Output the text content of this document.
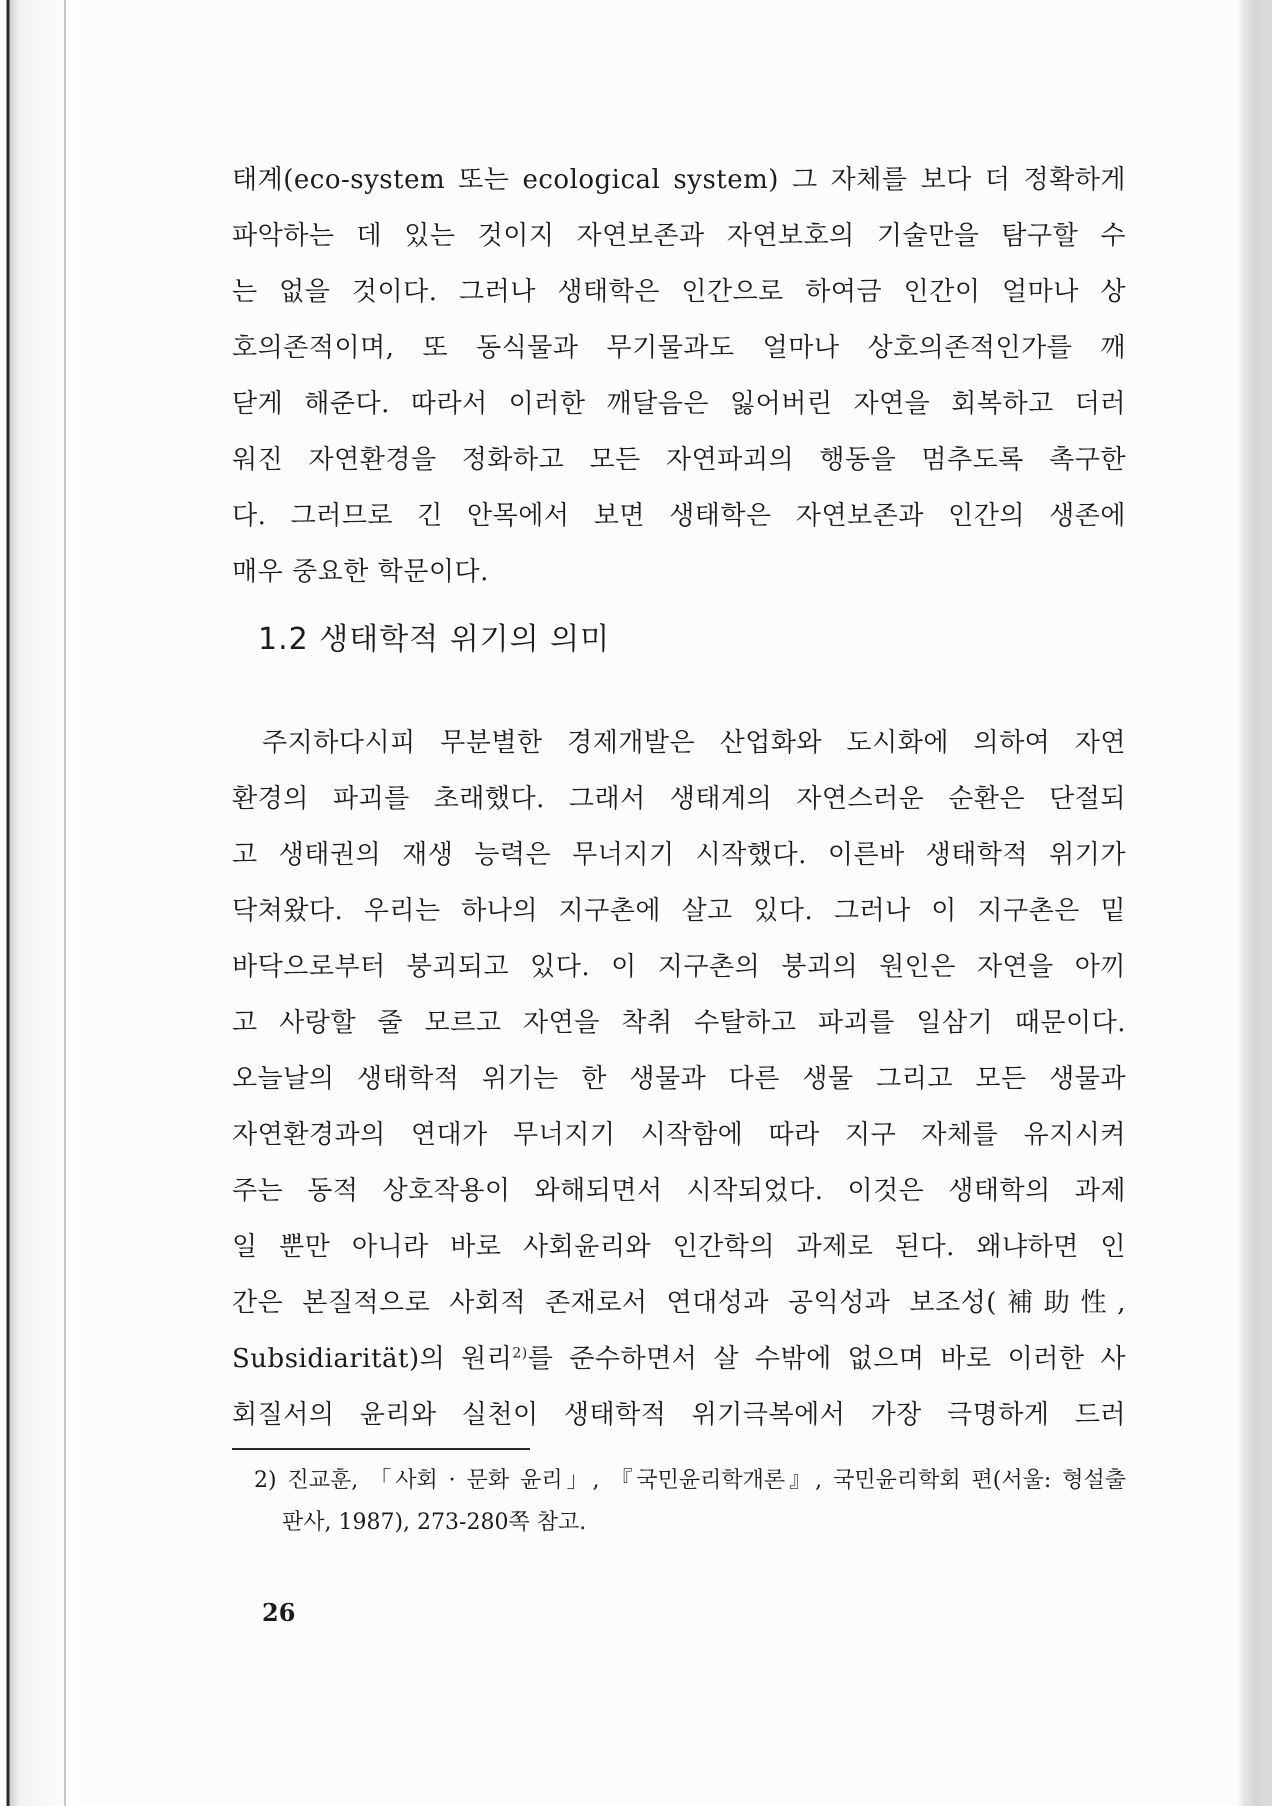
태계(eco-system 또는 ecological system) 그 자체를 보다 더 정확하게
파악하는 데 있는 것이지 자연보존과 자연보호의 기술만을 탐구할 수
는 없을 것이다. 그러나 생태학은 인간으로 하여금 인간이 얼마나 상
호의존적이며, 또 동식물과 무기물과도 얼마나 상호의존적인가를 깨
닫게 해준다. 따라서 이러한 깨달음은 잃어버린 자연을 회복하고 더러
워진 자연환경을 정화하고 모든 자연파괴의 행동을 멈추도록 촉구한
다. 그러므로 긴 안목에서 보면 생태학은 자연보존과 인간의 생존에
매우 중요한 학문이다.
1.2 생태학적 위기의 의미
주지하다시피 무분별한 경제개발은 산업화와 도시화에 의하여 자연
환경의 파괴를 초래했다. 그래서 생태계의 자연스러운 순환은 단절되
고 생태권의 재생 능력은 무너지기 시작했다. 이른바 생태학적 위기가
닥쳐왔다. 우리는 하나의 지구촌에 살고 있다. 그러나 이 지구촌은 밑
바닥으로부터 붕괴되고 있다. 이 지구촌의 붕괴의 원인은 자연을 아끼
고 사랑할 줄 모르고 자연을 착취 수탈하고 파괴를 일삼기 때문이다.
오늘날의 생태학적 위기는 한 생물과 다른 생물 그리고 모든 생물과
자연환경과의 연대가 무너지기 시작함에 따라 지구 자체를 유지시켜
주는 동적 상호작용이 와해되면서 시작되었다. 이것은 생태학의 과제
일 뿐만 아니라 바로 사회윤리와 인간학의 과제로 된다. 왜냐하면 인
간은 본질적으로 사회적 존재로서 연대성과 공익성과 보조성(補助性,
Subsidiarität)의 원리$^{2)}$를 준수하면서 살 수밖에 없으며 바로 이러한 사
회질서의 윤리와 실천이 생태학적 위기극복에서 가장 극명하게 드러
2) 진교훈, 「사회 · 문화 윤리」, 『국민윤리학개론』, 국민윤리학회 편(서울: 형설출
판사, 1987), 273-280쪽 참고.
26
